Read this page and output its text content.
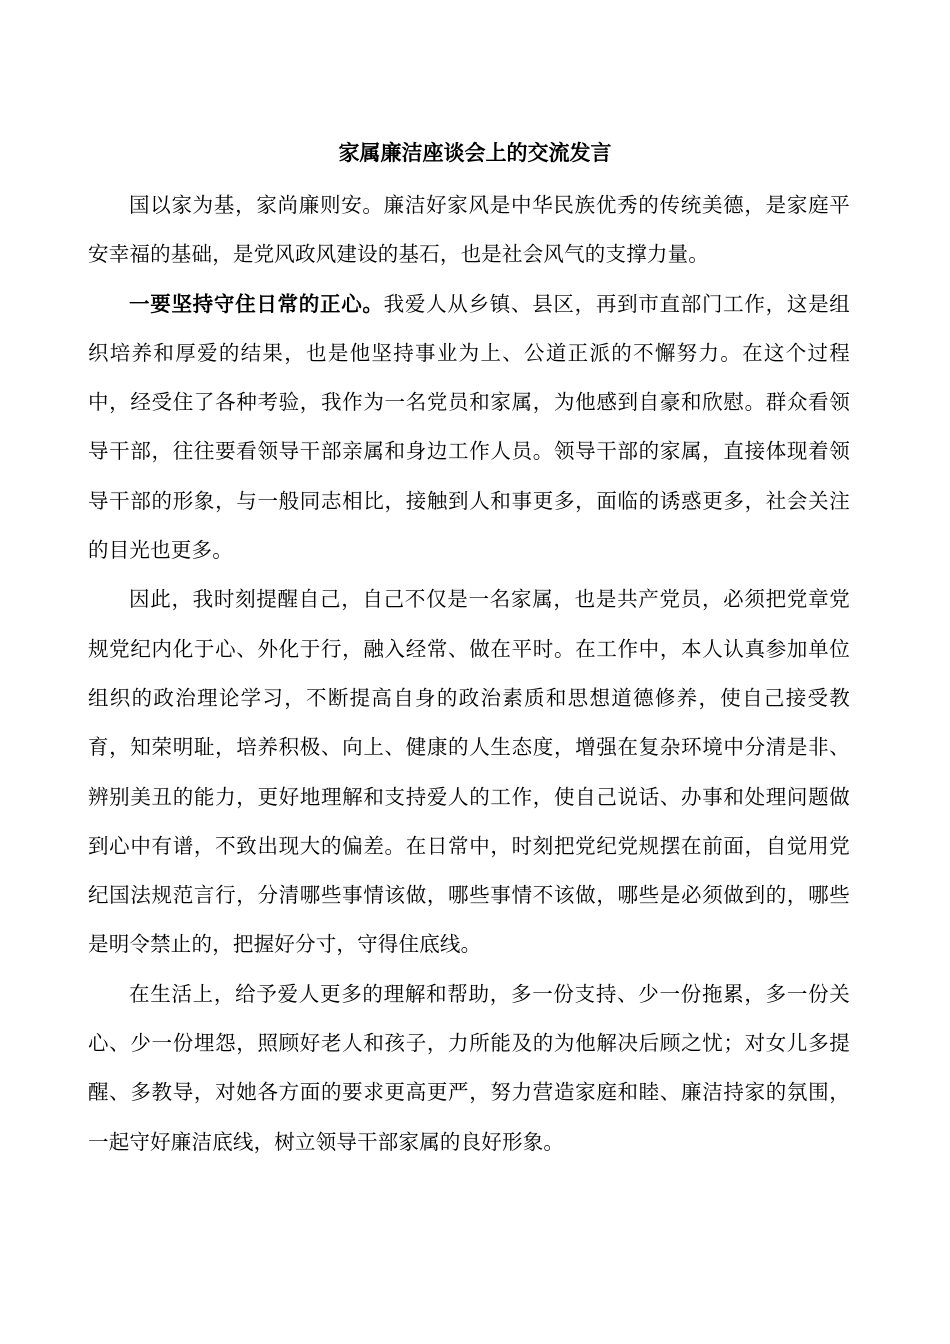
家属廉洁座谈会上的交流发言

国以家为基，家尚廉则安。廉洁好家风是中华民族优秀的传统美德，是家庭平安幸福的基础，是党风政风建设的基石，也是社会风气的支撑力量。

一要坚持守住日常的正心。我爱人从乡镇、县区，再到市直部门工作，这是组织培养和厚爱的结果，也是他坚持事业为上、公道正派的不懈努力。在这个过程中，经受住了各种考验，我作为一名党员和家属，为他感到自豪和欣慰。群众看领导干部，往往要看领导干部亲属和身边工作人员。领导干部的家属，直接体现着领导干部的形象，与一般同志相比，接触到人和事更多，面临的诱惑更多，社会关注的目光也更多。

因此，我时刻提醒自己，自己不仅是一名家属，也是共产党员，必须把党章党规党纪内化于心、外化于行，融入经常、做在平时。在工作中，本人认真参加单位组织的政治理论学习，不断提高自身的政治素质和思想道德修养，使自己接受教育，知荣明耻，培养积极、向上、健康的人生态度，增强在复杂环境中分清是非、辨别美丑的能力，更好地理解和支持爱人的工作，使自己说话、办事和处理问题做到心中有谱，不致出现大的偏差。在日常中，时刻把党纪党规摆在前面，自觉用党纪国法规范言行，分清哪些事情该做，哪些事情不该做，哪些是必须做到的，哪些是明令禁止的，把握好分寸，守得住底线。

在生活上，给予爱人更多的理解和帮助，多一份支持、少一份拖累，多一份关心、少一份埋怨，照顾好老人和孩子，力所能及的为他解决后顾之忧；对女儿多提醒、多教导，对她各方面的要求更高更严，努力营造家庭和睦、廉洁持家的氛围，一起守好廉洁底线，树立领导干部家属的良好形象。
